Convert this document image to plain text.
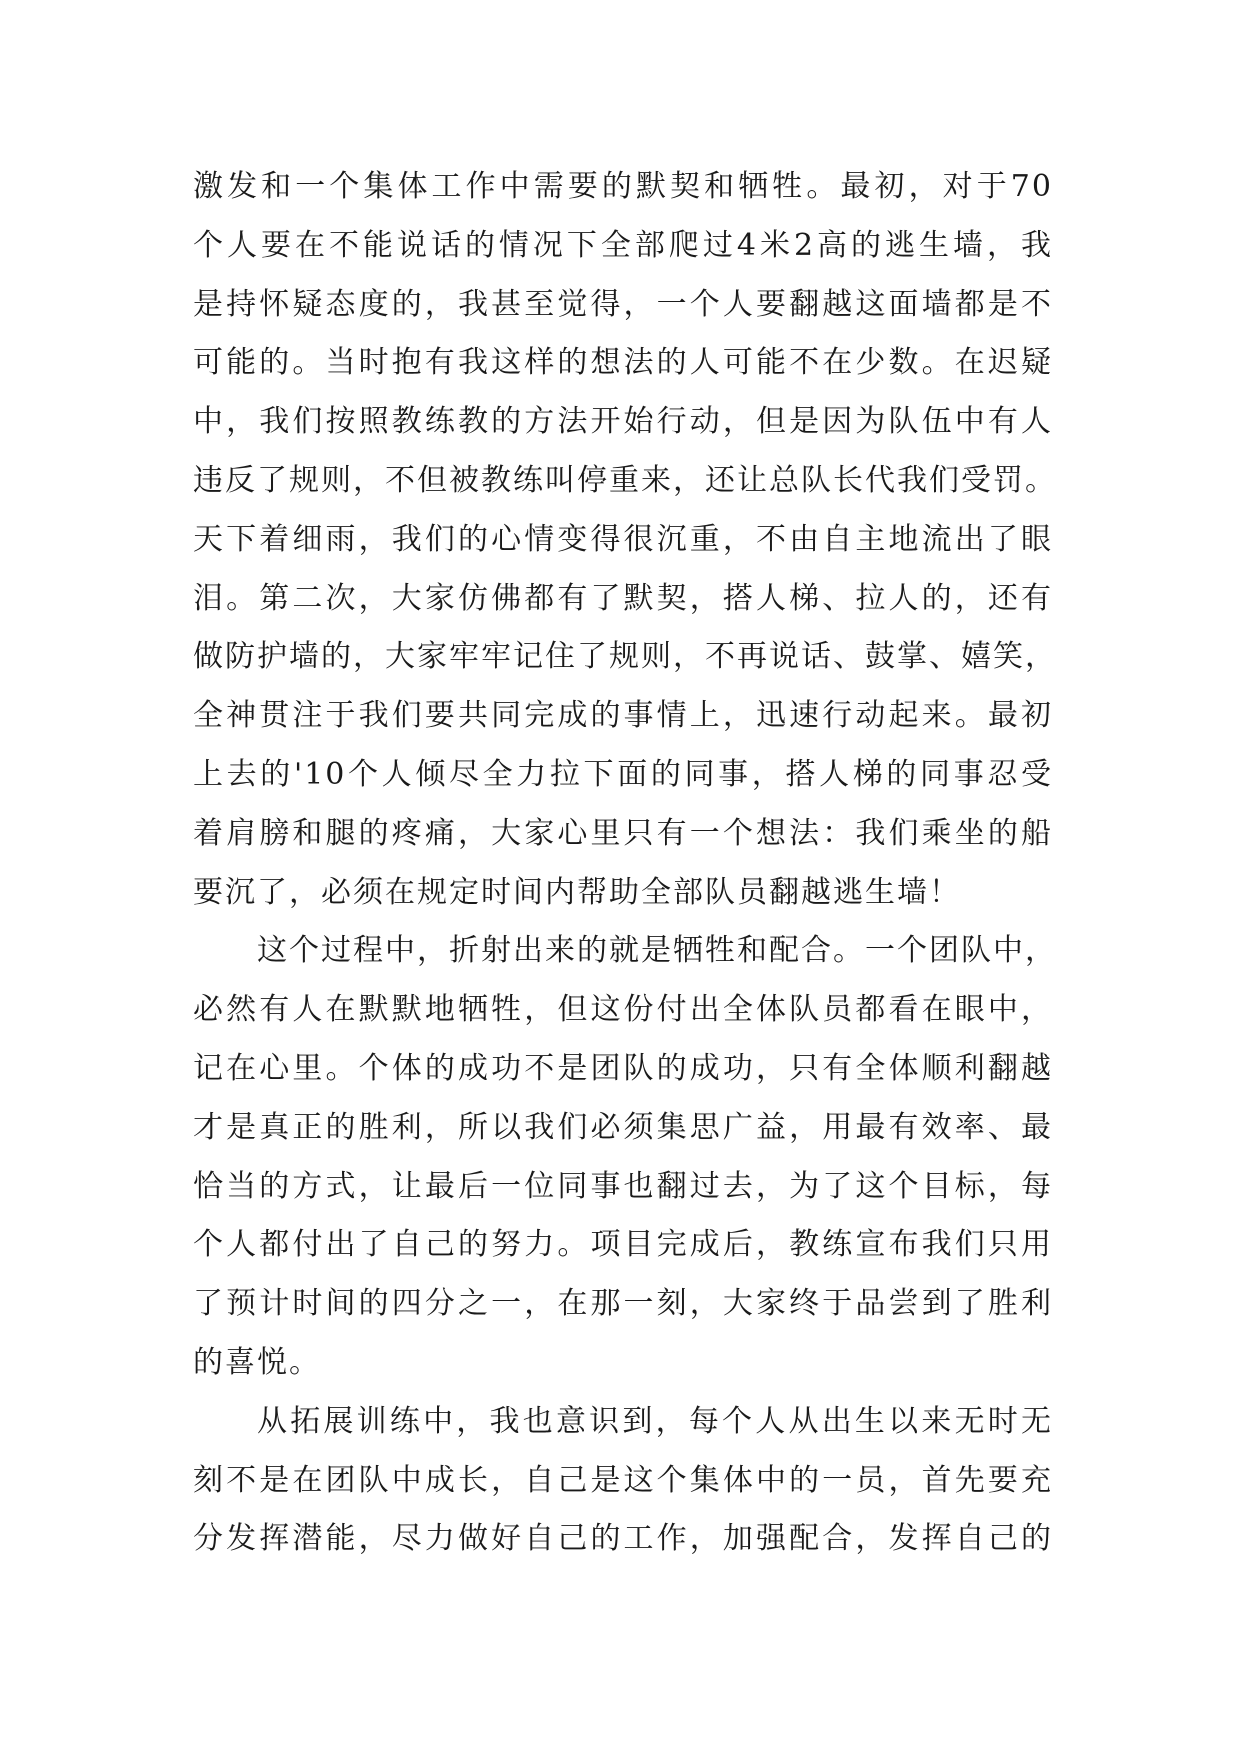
激发和一个集体工作中需要的默契和牺牲。最初，对于70
个人要在不能说话的情况下全部爬过4米2高的逃生墙，我
是持怀疑态度的，我甚至觉得，一个人要翻越这面墙都是不
可能的。当时抱有我这样的想法的人可能不在少数。在迟疑
中，我们按照教练教的方法开始行动，但是因为队伍中有人
违反了规则，不但被教练叫停重来，还让总队长代我们受罚。
天下着细雨，我们的心情变得很沉重，不由自主地流出了眼
泪。第二次，大家仿佛都有了默契，搭人梯、拉人的，还有
做防护墙的，大家牢牢记住了规则，不再说话、鼓掌、嬉笑，
全神贯注于我们要共同完成的事情上，迅速行动起来。最初
上去的'10个人倾尽全力拉下面的同事，搭人梯的同事忍受
着肩膀和腿的疼痛，大家心里只有一个想法：我们乘坐的船
要沉了，必须在规定时间内帮助全部队员翻越逃生墙！
这个过程中，折射出来的就是牺牲和配合。一个团队中，
必然有人在默默地牺牲，但这份付出全体队员都看在眼中，
记在心里。个体的成功不是团队的成功，只有全体顺利翻越
才是真正的胜利，所以我们必须集思广益，用最有效率、最
恰当的方式，让最后一位同事也翻过去，为了这个目标，每
个人都付出了自己的努力。项目完成后，教练宣布我们只用
了预计时间的四分之一，在那一刻，大家终于品尝到了胜利
的喜悦。
从拓展训练中，我也意识到，每个人从出生以来无时无
刻不是在团队中成长，自己是这个集体中的一员，首先要充
分发挥潜能，尽力做好自己的工作，加强配合，发挥自己的
